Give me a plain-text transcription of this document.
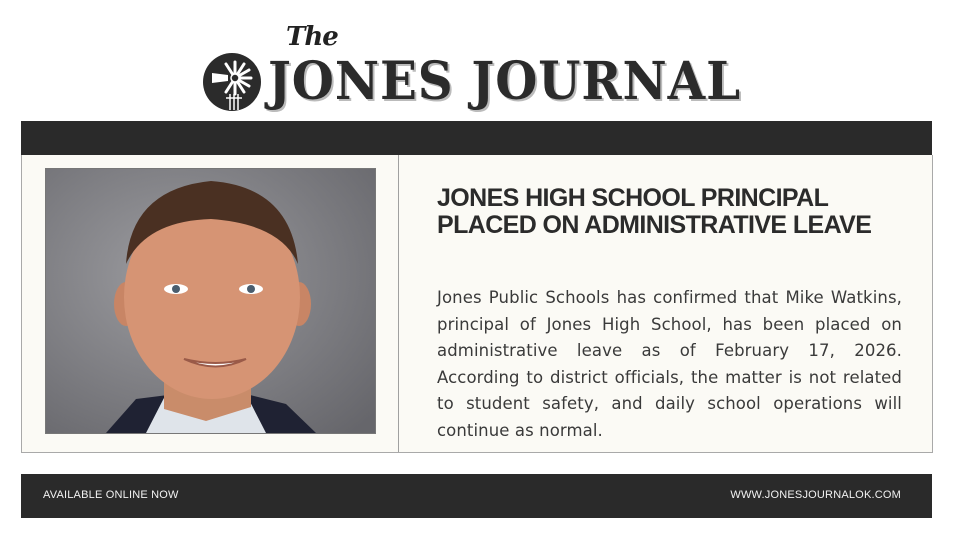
The
JONES JOURNAL
JONES HIGH SCHOOL PRINCIPAL PLACED ON ADMINISTRATIVE LEAVE
Jones Public Schools has confirmed that Mike Watkins, principal of Jones High School, has been placed on administrative leave as of February 17, 2026. According to district officials, the matter is not related to student safety, and daily school operations will continue as normal.
AVAILABLE ONLINE NOW	WWW.JONESJOURNALOK.COM
